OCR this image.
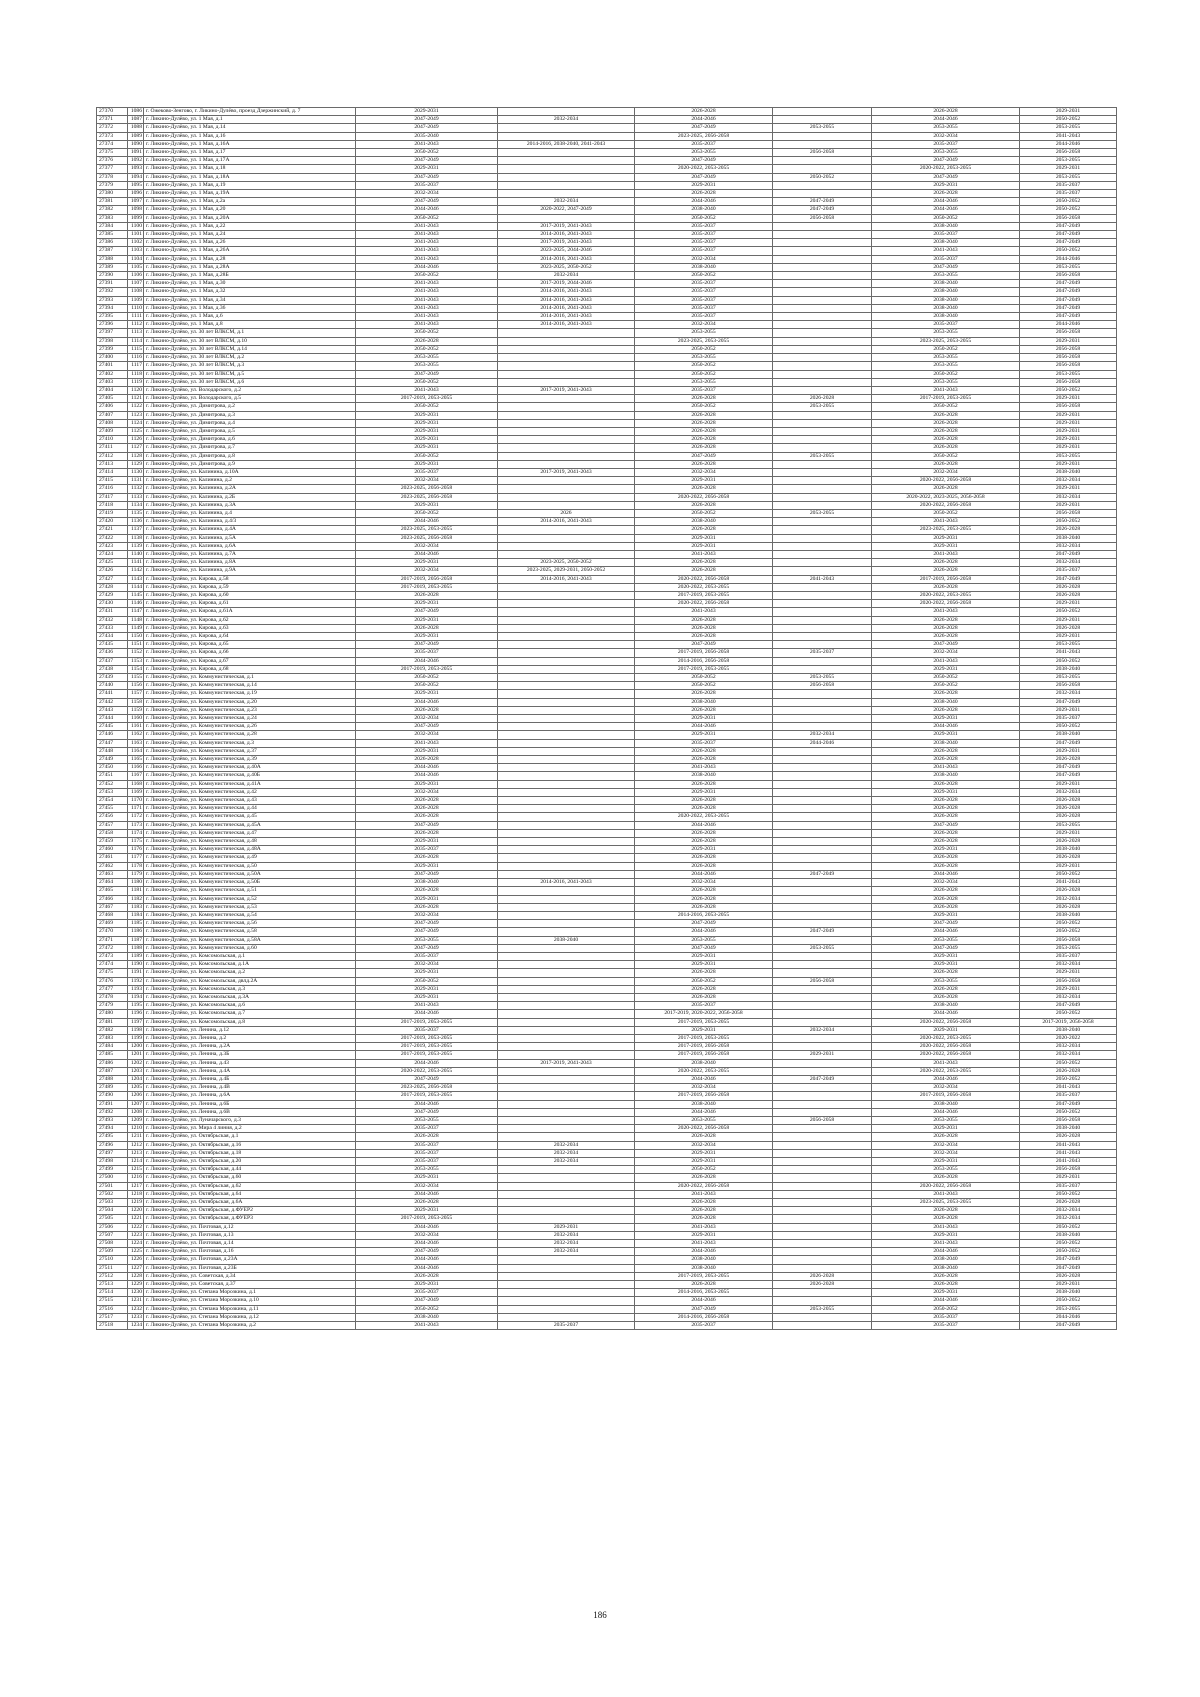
27370	1086	г. Ожеково-Зенгово, г. Ликино-Дулёво, проезд Дзержинский, д. 7	2029-2031		2026-2028		2026-2028	2029-2031
27371	1087	г. Ликино-Дулёво, ул. 1 Мая, д.1	2047-2049	2032-2034	2044-2046		2044-2046	2050-2052
27372	1088	г. Ликино-Дулёво, ул. 1 Мая, д.14	2047-2049		2047-2049	2053-2055	2053-2055	2053-2055
27373	1089	г. Ликино-Дулёво, ул. 1 Мая, д.16	2035-2040		2023-2025, 2056-2058		2032-2034	2041-2043
27374	1090	г. Ликино-Дулёво, ул. 1 Мая, д.16А	2041-2043	2014-2016, 2038-2040, 2041-2043	2035-2037		2035-2037	2044-2046
27375	1091	г. Ликино-Дулёво, ул. 1 Мая, д.17	2050-2052		2053-2055	2056-2058	2053-2055	2056-2058
27376	1092	г. Ликино-Дулёво, ул. 1 Мая, д.17А	2047-2049		2047-2049		2047-2049	2053-2055
27377	1093	г. Ликино-Дулёво, ул. 1 Мая, д.18	2029-2031		2020-2022, 2053-2055		2020-2022, 2053-2055	2029-2031
27378	1094	г. Ликино-Дулёво, ул. 1 Мая, д.18А	2047-2049		2047-2049	2050-2052	2047-2049	2053-2055
27379	1095	г. Ликино-Дулёво, ул. 1 Мая, д.19	2035-2037		2029-2031		2029-2031	2035-2037
27380	1096	г. Ликино-Дулёво, ул. 1 Мая, д.19А	2032-2034		2026-2028		2026-2028	2035-2037
27381	1097	г. Ликино-Дулёво, ул. 1 Мая, д.2а	2047-2049	2032-2034	2044-2046	2047-2049	2044-2046	2050-2052
27382	1098	г. Ликино-Дулёво, ул. 1 Мая, д.20	2044-2046	2020-2022, 2047-2049	2038-2040	2047-2049	2044-2046	2050-2052
27383	1099	г. Ликино-Дулёво, ул. 1 Мая, д.20А	2050-2052		2050-2052	2056-2058	2050-2052	2056-2058
27384	1100	г. Ликино-Дулёво, ул. 1 Мая, д.22	2041-2043	2017-2019, 2041-2043	2035-2037		2038-2040	2047-2049
27385	1101	г. Ликино-Дулёво, ул. 1 Мая, д.24	2041-2043	2014-2016, 2041-2043	2035-2037		2035-2037	2047-2049
27386	1102	г. Ликино-Дулёво, ул. 1 Мая, д.26	2041-2043	2017-2019, 2041-2043	2035-2037		2038-2040	2047-2049
27387	1103	г. Ликино-Дулёво, ул. 1 Мая, д.26А	2041-2043	2023-2025, 2044-2046	2035-2037		2041-2043	2050-2052
27388	1104	г. Ликино-Дулёво, ул. 1 Мая, д.28	2041-2043	2014-2016, 2041-2043	2032-2034		2035-2037	2044-2046
27389	1105	г. Ликино-Дулёво, ул. 1 Мая, д.28А	2044-2046	2023-2025, 2050-2052	2038-2040		2047-2049	2053-2055
27390	1106	г. Ликино-Дулёво, ул. 1 Мая, д.28Б	2050-2052	2032-2034	2050-2052		2053-2055	2056-2058
27391	1107	г. Ликино-Дулёво, ул. 1 Мая, д.30	2041-2043	2017-2019, 2044-2046	2035-2037		2038-2040	2047-2049
27392	1108	г. Ликино-Дулёво, ул. 1 Мая, д.32	2041-2043	2014-2016, 2041-2043	2035-2037		2038-2040	2047-2049
27393	1109	г. Ликино-Дулёво, ул. 1 Мая, д.34	2041-2043	2014-2016, 2041-2043	2035-2037		2038-2040	2047-2049
27394	1110	г. Ликино-Дулёво, ул. 1 Мая, д.36	2041-2043	2014-2016, 2041-2043	2035-2037		2038-2040	2047-2049
27395	1111	г. Ликино-Дулёво, ул. 1 Мая, д.6	2041-2043	2014-2016, 2041-2043	2035-2037		2038-2040	2047-2049
27396	1112	г. Ликино-Дулёво, ул. 1 Мая, д.8	2041-2043	2014-2016, 2041-2043	2032-2034		2035-2037	2044-2046
27397	1113	г. Ликино-Дулёво, ул. 30 лет ВЛКСМ, д.1	2050-2052		2053-2055		2053-2055	2056-2058
27398	1114	г. Ликино-Дулёво, ул. 30 лет ВЛКСМ, д.10	2026-2028		2023-2025, 2053-2055		2023-2025, 2053-2055	2029-2031
27399	1115	г. Ликино-Дулёво, ул. 30 лет ВЛКСМ, д.14	2050-2052		2050-2052		2050-2052	2056-2058
27400	1116	г. Ликино-Дулёво, ул. 30 лет ВЛКСМ, д.2	2053-2055		2053-2055		2053-2055	2056-2058
27401	1117	г. Ликино-Дулёво, ул. 30 лет ВЛКСМ, д.3	2053-2055		2050-2052		2053-2055	2056-2058
27402	1118	г. Ликино-Дулёво, ул. 30 лет ВЛКСМ, д.5	2047-2049		2050-2052		2050-2052	2053-2055
27403	1119	г. Ликино-Дулёво, ул. 30 лет ВЛКСМ, д.6	2050-2052		2053-2055		2053-2055	2056-2058
27404	1120	г. Ликино-Дулёво, ул. Володарского, д.2	2041-2043	2017-2019, 2041-2043	2035-2037		2041-2043	2050-2052
27405	1121	г. Ликино-Дулёво, ул. Володарского, д.5	2017-2019, 2053-2055		2026-2028	2026-2028	2017-2019, 2053-2055	2029-2031
27406	1122	г. Ликино-Дулёво, ул. Димитрова, д.2	2050-2052		2050-2052	2053-2055	2050-2052	2056-2058
27407	1123	г. Ликино-Дулёво, ул. Димитрова, д.3	2029-2031		2026-2028		2026-2028	2029-2031
27408	1124	г. Ликино-Дулёво, ул. Димитрова, д.4	2029-2031		2026-2028		2026-2028	2029-2031
27409	1125	г. Ликино-Дулёво, ул. Димитрова, д.5	2029-2031		2026-2028		2026-2028	2029-2031
27410	1126	г. Ликино-Дулёво, ул. Димитрова, д.6	2029-2031		2026-2028		2026-2028	2029-2031
27411	1127	г. Ликино-Дулёво, ул. Димитрова, д.7	2029-2031		2026-2028		2026-2028	2029-2031
27412	1128	г. Ликино-Дулёво, ул. Димитрова, д.8	2050-2052		2047-2049	2053-2055	2050-2052	2053-2055
27413	1129	г. Ликино-Дулёво, ул. Димитрова, д.9	2029-2031		2026-2028		2026-2028	2029-2031
27414	1130	г. Ликино-Дулёво, ул. Калинина, д.10А	2035-2037	2017-2019, 2041-2043	2032-2034		2032-2034	2038-2040
27415	1131	г. Ликино-Дулёво, ул. Калинина, д.2	2032-2034		2029-2031		2020-2022, 2056-2058	2032-2034
27416	1132	г. Ликино-Дулёво, ул. Калинина, д.2А	2023-2025, 2056-2058		2026-2028		2026-2028	2029-2031
27417	1133	г. Ликино-Дулёво, ул. Калинина, д.2Б	2023-2025, 2056-2058		2020-2022, 2056-2058		2020-2022, 2023-2025, 2056-2058	2032-2034
27418	1134	г. Ликино-Дулёво, ул. Калинина, д.3А	2029-2031		2026-2028		2020-2022, 2056-2058	2029-2031
27419	1135	г. Ликино-Дулёво, ул. Калинина, д.4	2050-2052	2026	2050-2052	2053-2055	2050-2052	2056-2058
27420	1136	г. Ликино-Дулёво, ул. Калинина, д.4/3	2044-2046	2014-2016, 2041-2043	2038-2040		2041-2043	2050-2052
27421	1137	г. Ликино-Дулёво, ул. Калинина, д.4А	2023-2025, 2053-2055		2026-2028		2023-2025, 2053-2055	2026-2028
27422	1138	г. Ликино-Дулёво, ул. Калинина, д.5А	2023-2025, 2056-2058		2029-2031		2029-2031	2038-2040
27423	1139	г. Ликино-Дулёво, ул. Калинина, д.6А	2032-2034		2029-2031		2029-2031	2032-2034
27424	1140	г. Ликино-Дулёво, ул. Калинина, д.7А	2044-2046		2041-2043		2041-2043	2047-2049
27425	1141	г. Ликино-Дулёво, ул. Калинина, д.8А	2029-2031	2023-2025, 2050-2052	2026-2028		2026-2028	2032-2034
27426	1142	г. Ликино-Дулёво, ул. Калинина, д.9А	2032-2034	2023-2025, 2029-2031, 2050-2052	2026-2028		2026-2028	2035-2037
27427	1143	г. Ликино-Дулёво, ул. Кирова, д.58	2017-2019, 2056-2058	2014-2016, 2041-2043	2020-2022, 2056-2058	2041-2043	2017-2019, 2056-2058	2047-2049
27428	1144	г. Ликино-Дулёво, ул. Кирова, д.59	2017-2019, 2053-2055		2020-2022, 2053-2055		2026-2028	2026-2028
27429	1145	г. Ликино-Дулёво, ул. Кирова, д.60	2026-2028		2017-2019, 2053-2055		2020-2022, 2053-2055	2026-2028
27430	1146	г. Ликино-Дулёво, ул. Кирова, д.61	2029-2031		2020-2022, 2056-2058		2020-2022, 2056-2058	2029-2031
27431	1147	г. Ликино-Дулёво, ул. Кирова, д.61А	2047-2049		2041-2043		2041-2043	2050-2052
27432	1148	г. Ликино-Дулёво, ул. Кирова, д.62	2029-2031		2026-2028		2026-2028	2029-2031
27433	1149	г. Ликино-Дулёво, ул. Кирова, д.63	2026-2028		2026-2028		2026-2028	2026-2028
27434	1150	г. Ликино-Дулёво, ул. Кирова, д.64	2029-2031		2026-2028		2026-2028	2029-2031
27435	1151	г. Ликино-Дулёво, ул. Кирова, д.65	2047-2049		2047-2049		2047-2049	2053-2055
27436	1152	г. Ликино-Дулёво, ул. Кирова, д.66	2035-2037		2017-2019, 2056-2058	2035-2037	2032-2034	2041-2043
27437	1153	г. Ликино-Дулёво, ул. Кирова, д.67	2044-2046		2014-2016, 2056-2058		2041-2043	2050-2052
27438	1154	г. Ликино-Дулёво, ул. Кирова, д.68	2017-2019, 2053-2055		2017-2019, 2053-2055		2029-2031	2038-2040
27439	1155	г. Ликино-Дулёво, ул. Коммунистическая, д.1	2050-2052		2050-2052	2053-2055	2050-2052	2053-2055
27440	1156	г. Ликино-Дулёво, ул. Коммунистическая, д.14	2050-2052		2050-2052	2056-2058	2050-2052	2056-2058
27441	1157	г. Ликино-Дулёво, ул. Коммунистическая, д.19	2029-2031		2026-2028		2026-2028	2032-2034
27442	1158	г. Ликино-Дулёво, ул. Коммунистическая, д.20	2044-2046		2038-2040		2038-2040	2047-2049
27443	1159	г. Ликино-Дулёво, ул. Коммунистическая, д.23	2026-2028		2026-2028		2026-2028	2029-2031
27444	1160	г. Ликино-Дулёво, ул. Коммунистическая, д.24	2032-2034		2029-2031		2029-2031	2035-2037
27445	1161	г. Ликино-Дулёво, ул. Коммунистическая, д.26	2047-2049		2044-2046		2044-2046	2050-2052
27446	1162	г. Ликино-Дулёво, ул. Коммунистическая, д.28	2032-2034		2029-2031	2032-2034	2029-2031	2038-2040
27447	1163	г. Ликино-Дулёво, ул. Коммунистическая, д.3	2041-2043		2035-2037	2044-2046	2038-2040	2047-2049
27448	1164	г. Ликино-Дулёво, ул. Коммунистическая, д.37	2029-2031		2026-2028		2026-2028	2029-2031
27449	1165	г. Ликино-Дулёво, ул. Коммунистическая, д.39	2026-2028		2026-2028		2026-2028	2026-2028
27450	1166	г. Ликино-Дулёво, ул. Коммунистическая, д.40А	2044-2046		2041-2043		2041-2043	2047-2049
27451	1167	г. Ликино-Дулёво, ул. Коммунистическая, д.40Б	2044-2046		2038-2040		2038-2040	2047-2049
27452	1168	г. Ликино-Дулёво, ул. Коммунистическая, д.41А	2029-2031		2026-2028		2026-2028	2029-2031
27453	1169	г. Ликино-Дулёво, ул. Коммунистическая, д.42	2032-2034		2029-2031		2029-2031	2032-2034
27454	1170	г. Ликино-Дулёво, ул. Коммунистическая, д.43	2026-2028		2026-2028		2026-2028	2026-2028
27455	1171	г. Ликино-Дулёво, ул. Коммунистическая, д.44	2026-2028		2026-2028		2026-2028	2026-2028
27456	1172	г. Ликино-Дулёво, ул. Коммунистическая, д.45	2026-2028		2020-2022, 2053-2055		2026-2028	2026-2028
27457	1173	г. Ликино-Дулёво, ул. Коммунистическая, д.45А	2047-2049		2044-2046		2047-2049	2053-2055
27458	1174	г. Ликино-Дулёво, ул. Коммунистическая, д.47	2026-2028		2026-2028		2026-2028	2029-2031
27459	1175	г. Ликино-Дулёво, ул. Коммунистическая, д.48	2029-2031		2026-2028		2026-2028	2026-2028
27460	1176	г. Ликино-Дулёво, ул. Коммунистическая, д.48А	2035-2037		2029-2031		2029-2031	2038-2040
27461	1177	г. Ликино-Дулёво, ул. Коммунистическая, д.49	2026-2028		2026-2028		2026-2028	2026-2028
27462	1178	г. Ликино-Дулёво, ул. Коммунистическая, д.50	2029-2031		2026-2028		2026-2028	2029-2031
27463	1179	г. Ликино-Дулёво, ул. Коммунистическая, д.50А	2047-2049		2044-2046	2047-2049	2044-2046	2050-2052
27464	1180	г. Ликино-Дулёво, ул. Коммунистическая, д.50Б	2038-2040	2014-2016, 2041-2043	2032-2034		2032-2034	2041-2043
27465	1181	г. Ликино-Дулёво, ул. Коммунистическая, д.51	2026-2028		2026-2028		2026-2028	2026-2028
27466	1182	г. Ликино-Дулёво, ул. Коммунистическая, д.52	2029-2031		2026-2028		2026-2028	2032-2034
27467	1183	г. Ликино-Дулёво, ул. Коммунистическая, д.53	2026-2028		2026-2028		2026-2028	2026-2028
27468	1184	г. Ликино-Дулёво, ул. Коммунистическая, д.54	2032-2034		2014-2016, 2053-2055		2029-2031	2038-2040
27469	1185	г. Ликино-Дулёво, ул. Коммунистическая, д.56	2047-2049		2047-2049		2047-2049	2050-2052
27470	1186	г. Ликино-Дулёво, ул. Коммунистическая, д.58	2047-2049		2044-2046	2047-2049	2044-2046	2050-2052
27471	1187	г. Ликино-Дулёво, ул. Коммунистическая, д.58А	2053-2055	2038-2040	2053-2055		2053-2055	2056-2058
27472	1188	г. Ликино-Дулёво, ул. Коммунистическая, д.60	2047-2049		2047-2049	2053-2055	2047-2049	2053-2055
27473	1189	г. Ликино-Дулёво, ул. Комсомольская, д.1	2035-2037		2029-2031		2029-2031	2035-2037
27474	1190	г. Ликино-Дулёво, ул. Комсомольская, д.1А	2032-2034		2029-2031		2029-2031	2032-2034
27475	1191	г. Ликино-Дулёво, ул. Комсомольская, д.2	2029-2031		2026-2028		2026-2028	2029-2031
27476	1192	г. Ликино-Дулёво, ул. Комсомольская, двлд.2А	2050-2052		2050-2052	2056-2058	2053-2055	2056-2058
27477	1193	г. Ликино-Дулёво, ул. Комсомольская, д.3	2029-2031		2026-2028		2026-2028	2029-2031
27478	1194	г. Ликино-Дулёво, ул. Комсомольская, д.3А	2029-2031		2026-2028		2026-2028	2032-2034
27479	1195	г. Ликино-Дулёво, ул. Комсомольская, д.6	2041-2043		2035-2037		2038-2040	2047-2049
27480	1196	г. Ликино-Дулёво, ул. Комсомольская, д.7	2044-2046		2017-2019, 2020-2022, 2056-2058		2044-2046	2050-2052
27481	1197	г. Ликино-Дулёво, ул. Комсомольская, д.8	2017-2019, 2053-2055		2017-2019, 2053-2055		2020-2022, 2056-2058	2017-2019, 2056-2058
27482	1198	г. Ликино-Дулёво, ул. Ленина, д.12	2035-2037		2029-2031	2032-2034	2029-2031	2038-2040
27483	1199	г. Ликино-Дулёво, ул. Ленина, д.2	2017-2019, 2053-2055		2017-2019, 2053-2055		2020-2022, 2053-2055	2020-2022
27484	1200	г. Ликино-Дулёво, ул. Ленина, д.2А	2017-2019, 2053-2055		2017-2019, 2056-2058		2020-2022, 2056-2058	2032-2034
27485	1201	г. Ликино-Дулёво, ул. Ленина, д.3Б	2017-2019, 2053-2055		2017-2019, 2056-2058	2029-2031	2020-2022, 2056-2058	2032-2034
27486	1202	г. Ликино-Дулёво, ул. Ленина, д.43	2044-2046	2017-2019, 2041-2043	2038-2040		2041-2043	2050-2052
27487	1203	г. Ликино-Дулёво, ул. Ленина, д.4А	2020-2022, 2053-2055		2020-2022, 2053-2055		2020-2022, 2053-2055	2026-2028
27488	1204	г. Ликино-Дулёво, ул. Ленина, д.4Б	2047-2049		2044-2046	2047-2049	2044-2046	2050-2052
27489	1205	г. Ликино-Дулёво, ул. Ленина, д.4В	2023-2025, 2056-2058		2032-2034		2032-2034	2041-2043
27490	1206	г. Ликино-Дулёво, ул. Ленина, д.6А	2017-2019, 2053-2055		2017-2019, 2056-2058		2017-2019, 2056-2058	2035-2037
27491	1207	г. Ликино-Дулёво, ул. Ленина, д.6Б	2044-2046		2038-2040		2038-2040	2047-2049
27492	1208	г. Ликино-Дулёво, ул. Ленина, д.6В	2047-2049		2044-2046		2044-2046	2050-2052
27493	1209	г. Ликино-Дулёво, ул. Луначарского, д.3	2053-2055		2053-2055	2056-2058	2053-2055	2056-2058
27494	1210	г. Ликино-Дулёво, ул. Мира 4 линия, д.2	2035-2037		2020-2022, 2056-2058		2029-2031	2038-2040
27495	1211	г. Ликино-Дулёво, ул. Октябрьская, д.1	2026-2028		2026-2028		2026-2028	2026-2028
27496	1212	г. Ликино-Дулёво, ул. Октябрьская, д.16	2035-2037	2032-2034	2032-2034		2032-2034	2041-2043
27497	1213	г. Ликино-Дулёво, ул. Октябрьская, д.18	2035-2037	2032-2034	2029-2031		2032-2034	2041-2043
27498	1214	г. Ликино-Дулёво, ул. Октябрьская, д.20	2035-2037	2032-2034	2029-2031		2029-2031	2041-2043
27499	1215	г. Ликино-Дулёво, ул. Октябрьская, д.44	2053-2055		2050-2052		2053-2055	2056-2058
27500	1216	г. Ликино-Дулёво, ул. Октябрьская, д.60	2029-2031		2026-2028		2026-2028	2029-2031
27501	1217	г. Ликино-Дулёво, ул. Октябрьская, д.62	2032-2034		2020-2022, 2056-2058		2020-2022, 2056-2058	2035-2037
27502	1218	г. Ликино-Дулёво, ул. Октябрьская, д.64	2044-2046		2041-2043		2041-2043	2050-2052
27503	1219	г. Ликино-Дулёво, ул. Октябрьская, д.6А	2026-2028		2026-2028		2023-2025, 2053-2055	2026-2028
27504	1220	г. Ликино-Дулёво, ул. Октябрьская, д.ФУЕР2	2029-2031		2026-2028		2026-2028	2032-2034
27505	1221	г. Ликино-Дулёво, ул. Октябрьская, д.ФУЕР3	2017-2019, 2053-2055		2026-2028		2026-2028	2032-2034
27506	1222	г. Ликино-Дулёво, ул. Почтовая, д.12	2044-2046	2029-2031	2041-2043		2041-2043	2050-2052
27507	1223	г. Ликино-Дулёво, ул. Почтовая, д.13	2032-2034	2032-2034	2029-2031		2029-2031	2038-2040
27508	1224	г. Ликино-Дулёво, ул. Почтовая, д.14	2044-2046	2032-2034	2041-2043		2041-2043	2050-2052
27509	1225	г. Ликино-Дулёво, ул. Почтовая, д.16	2047-2049	2032-2034	2044-2046		2044-2046	2050-2052
27510	1226	г. Ликино-Дулёво, ул. Почтовая, д.23А	2044-2046		2038-2040		2038-2040	2047-2049
27511	1227	г. Ликино-Дулёво, ул. Почтовая, д.23Б	2044-2046		2038-2040		2038-2040	2047-2049
27512	1228	г. Ликино-Дулёво, ул. Советская, д.34	2026-2028		2017-2019, 2053-2055	2026-2028	2026-2028	2026-2028
27513	1229	г. Ликино-Дулёво, ул. Советская, д.37	2029-2031		2026-2028	2026-2028	2026-2028	2029-2031
27514	1230	г. Ликино-Дулёво, ул. Степана Морозкина, д.1	2035-2037		2014-2016, 2053-2055		2029-2031	2038-2040
27515	1231	г. Ликино-Дулёво, ул. Степана Морозкина, д.10	2047-2049		2044-2046		2044-2046	2050-2052
27516	1232	г. Ликино-Дулёво, ул. Степана Морозкина, д.11	2050-2052		2047-2049	2053-2055	2050-2052	2053-2055
27517	1233	г. Ликино-Дулёво, ул. Степана Морозкина, д.12	2038-2040		2014-2016, 2056-2058		2035-2037	2044-2046
27518	1234	г. Ликино-Дулёво, ул. Степана Морозкина, д.2	2041-2043	2035-2037	2035-2037		2035-2037	2047-2049
186
